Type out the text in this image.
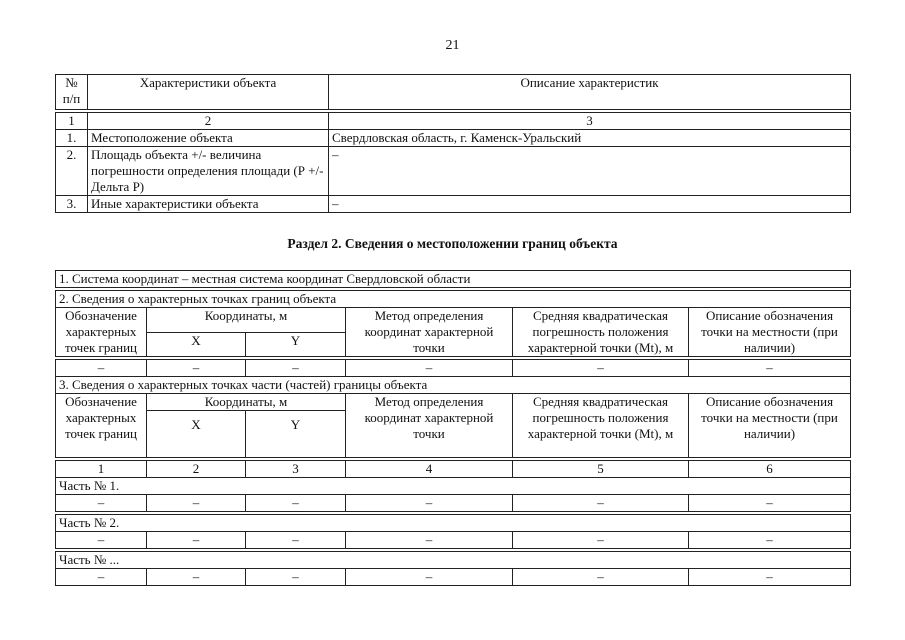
21
№ п/п	Характеристики объекта	Описание характеристик

1	2	3
1.	Местоположение объекта	Свердловская область, г. Каменск-Уральский
2.	Площадь объекта +/- величина погрешности определения площади (Р +/- Дельта Р)	–
3.	Иные характеристики объекта	–
Раздел 2. Сведения о местоположении границ объекта
1. Система координат – местная система координат Свердловской области					

2. Сведения о характерных точках границ объекта					
Обозначение характерных точек границ	Координаты, м		Метод определения координат характерной точки	Средняя квадратическая погрешность положения характерной точки (Mt), м	Описание обозначения точки на местности (при наличии)
	X	Y			

–	–	–	–	–	–
3. Сведения о характерных точках части (частей) границы объекта					
Обозначение характерных точек границ	Координаты, м		Метод определения координат характерной точки	Средняя квадратическая погрешность положения характерной точки (Mt), м	Описание обозначения точки на местности (при наличии)
	X	Y			

1	2	3	4	5	6
Часть № 1.					
–	–	–	–	–	–

Часть № 2.					
–	–	–	–	–	–

Часть № ...					
–	–	–	–	–	–
